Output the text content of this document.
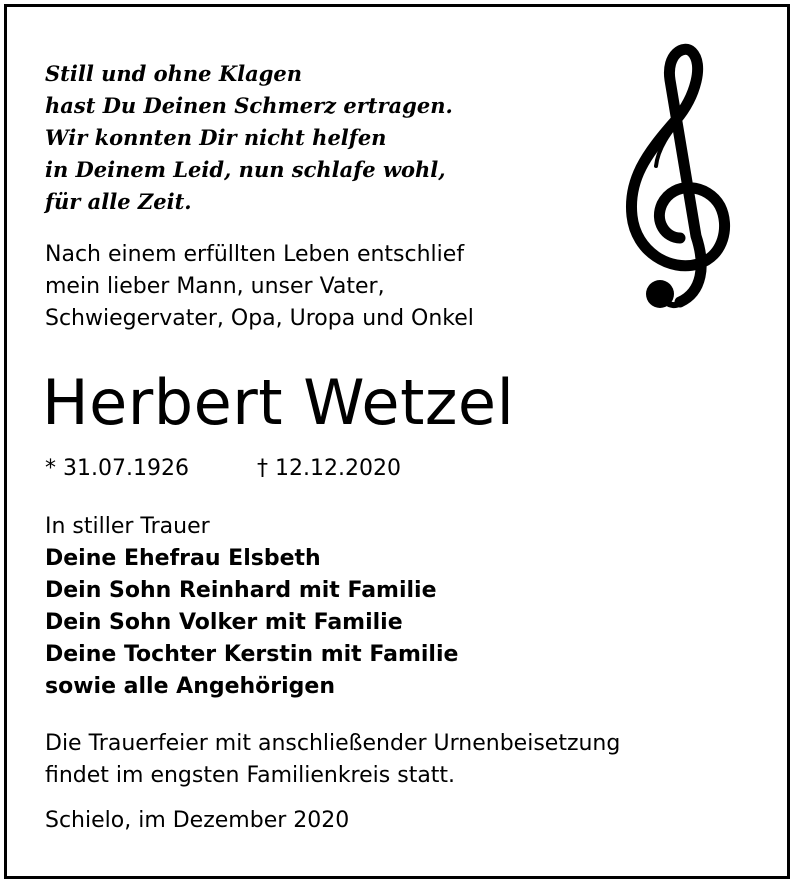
Still und ohne Klagen
hast Du Deinen Schmerz ertragen.
Wir konnten Dir nicht helfen
in Deinem Leid, nun schlafe wohl,
für alle Zeit.
Nach einem erfüllten Leben entschlief
mein lieber Mann, unser Vater,
Schwiegervater, Opa, Uropa und Onkel
Herbert Wetzel
* 31.07.1926	† 12.12.2020
In stiller Trauer
Deine Ehefrau Elsbeth
Dein Sohn Reinhard mit Familie
Dein Sohn Volker mit Familie
Deine Tochter Kerstin mit Familie
sowie alle Angehörigen
Die Trauerfeier mit anschließender Urnenbeisetzung
findet im engsten Familienkreis statt.
Schielo, im Dezember 2020
